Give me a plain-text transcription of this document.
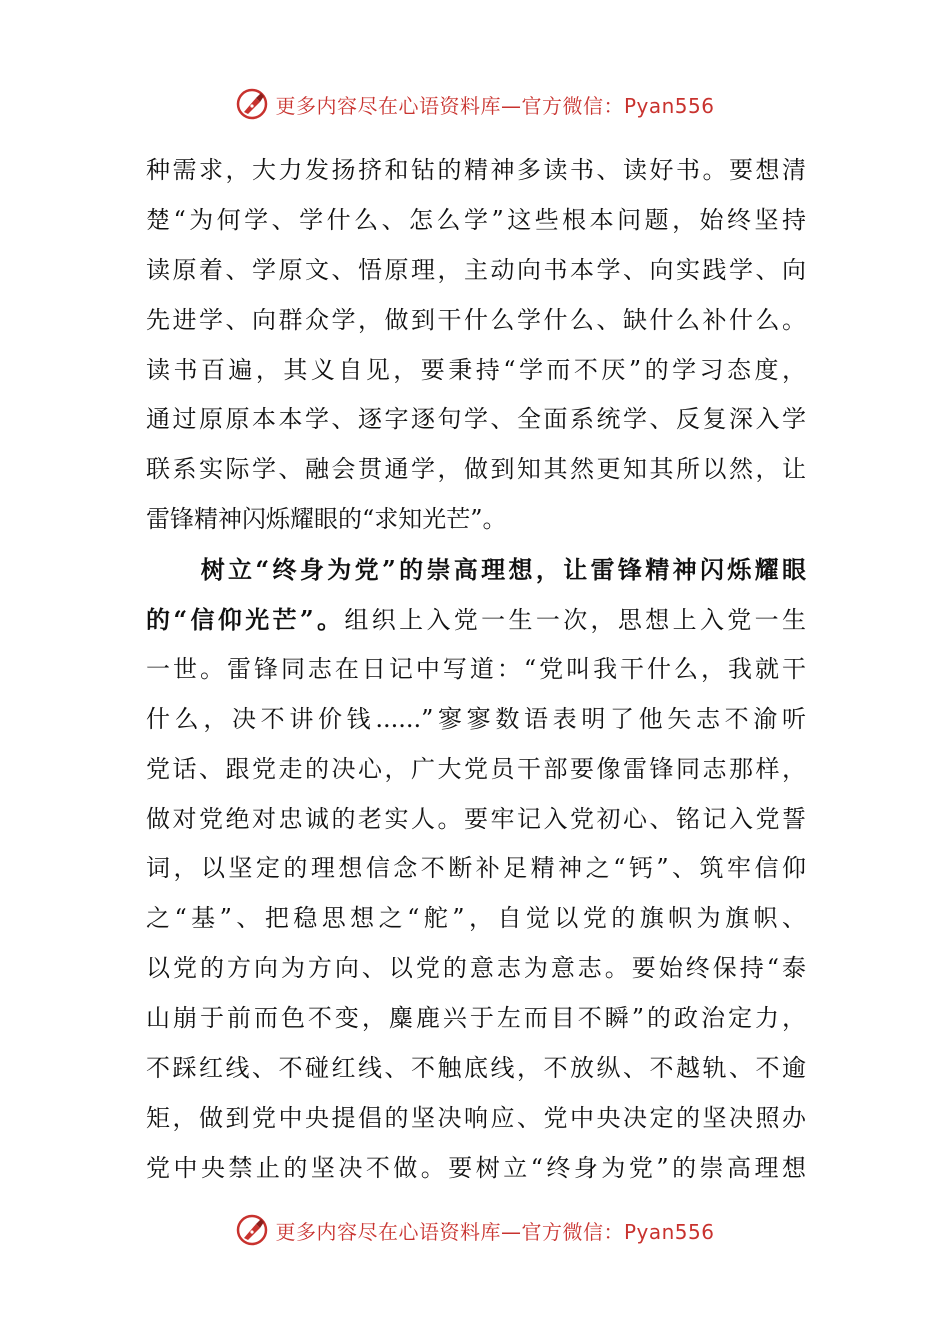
更多内容尽在心语资料库—官方微信：Pyan556
种需求，大力发扬挤和钻的精神多读书、读好书。要想清
楚“为何学、学什么、怎么学”这些根本问题，始终坚持
读原着、学原文、悟原理，主动向书本学、向实践学、向
先进学、向群众学，做到干什么学什么、缺什么补什么。
读书百遍，其义自见，要秉持“学而不厌”的学习态度，
通过原原本本学、逐字逐句学、全面系统学、反复深入学
联系实际学、融会贯通学，做到知其然更知其所以然，让
雷锋精神闪烁耀眼的“求知光芒”。
　　树立“终身为党”的崇高理想，让雷锋精神闪烁耀眼
的“信仰光芒”。组织上入党一生一次，思想上入党一生
一世。雷锋同志在日记中写道：“党叫我干什么，我就干
什么，决不讲价钱......”寥寥数语表明了他矢志不渝听
党话、跟党走的决心，广大党员干部要像雷锋同志那样，
做对党绝对忠诚的老实人。要牢记入党初心、铭记入党誓
词，以坚定的理想信念不断补足精神之“钙”、筑牢信仰
之“基”、把稳思想之“舵”，自觉以党的旗帜为旗帜、
以党的方向为方向、以党的意志为意志。要始终保持“泰
山崩于前而色不变，麋鹿兴于左而目不瞬”的政治定力，
不踩红线、不碰红线、不触底线，不放纵、不越轨、不逾
矩，做到党中央提倡的坚决响应、党中央决定的坚决照办
党中央禁止的坚决不做。要树立“终身为党”的崇高理想
更多内容尽在心语资料库—官方微信：Pyan556
